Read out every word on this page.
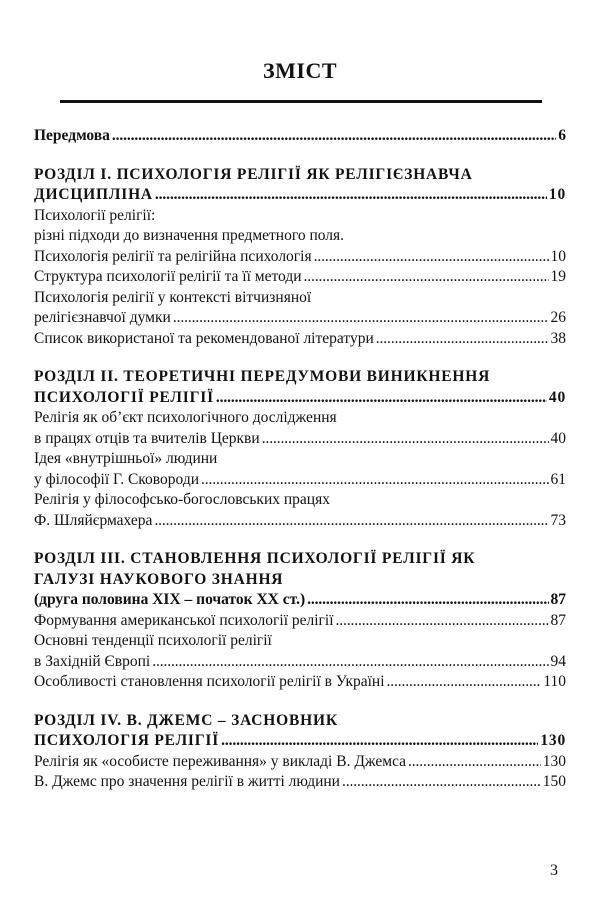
ЗМІСТ
Передмова . . .	6
РОЗДІЛ І. ПСИХОЛОГІЯ РЕЛІГІЇ ЯК РЕЛІГІЄЗНАВЧА
ДИСЦИПЛІНА . . .	10
Психології релігії:
різні підходи до визначення предметного поля.
Психологія релігії та релігійна психологія . . .	10
Структура психології релігії та її методи . . .	19
Психологія релігії у контексті вітчизняної
релігієзнавчої думки . . .	26
Список використаної та рекомендованої літератури . . .	38
РОЗДІЛ ІІ. ТЕОРЕТИЧНІ ПЕРЕДУМОВИ ВИНИКНЕННЯ
ПСИХОЛОГІЇ РЕЛІГІЇ . . .	40
Релігія як об’єкт психологічного дослідження
в працях отців та вчителів Церкви . . .	40
Ідея «внутрішньої» людини
у філософії Г. Сковороди . . .	61
Релігія у філософсько-богословських працях
Ф. Шляйєрмахера . . .	73
РОЗДІЛ ІІІ. СТАНОВЛЕННЯ ПСИХОЛОГІЇ РЕЛІГІЇ ЯК
ГАЛУЗІ НАУКОВОГО ЗНАННЯ
(друга половина ХІХ – початок ХХ ст.) . . .	87
Формування американської психології релігії . . .	87
Основні тенденції психології релігії
в Західній Європі . . .	94
Особливості становлення психології релігії в Україні . . .	110
РОЗДІЛ IV. В. ДЖЕМС – ЗАСНОВНИК
ПСИХОЛОГІЯ РЕЛІГІЇ . . .	130
Релігія як «особисте переживання» у викладі В. Джемса . . .	130
В. Джемс про значення релігії в житті людини . . .	150
3
